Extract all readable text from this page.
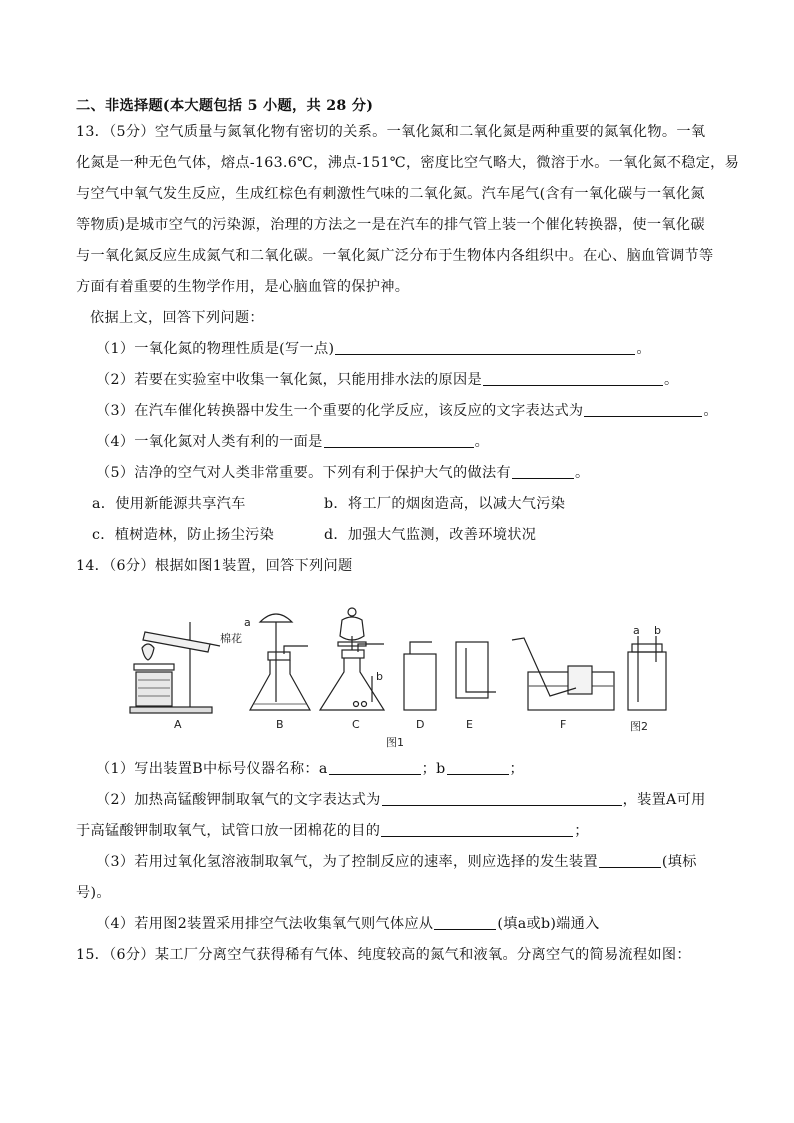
二、非选择题(本大题包括 5 小题，共 28 分)
13．（5分）空气质量与氮氧化物有密切的关系。一氧化氮和二氧化氮是两种重要的氮氧化物。一氧
化氮是一种无色气体，熔点-163.6℃，沸点-151℃，密度比空气略大，微溶于水。一氧化氮不稳定，易
与空气中氧气发生反应，生成红棕色有刺激性气味的二氧化氮。汽车尾气(含有一氧化碳与一氧化氮
等物质)是城市空气的污染源，治理的方法之一是在汽车的排气管上装一个催化转换器，使一氧化碳
与一氧化氮反应生成氮气和二氧化碳。一氧化氮广泛分布于生物体内各组织中。在心、脑血管调节等
方面有着重要的生物学作用，是心脑血管的保护神。
依据上文，回答下列问题：
（1）一氧化氮的物理性质是(写一点)	。
（2）若要在实验室中收集一氧化氮，只能用排水法的原因是	。
（3）在汽车催化转换器中发生一个重要的化学反应，该反应的文字表达式为	。
（4）一氧化氮对人类有利的一面是	。
（5）洁净的空气对人类非常重要。下列有利于保护大气的做法有	。
a．使用新能源共享汽车	b．将工厂的烟囱造高，以减大气污染
c．植树造林，防止扬尘污染	d．加强大气监测，改善环境状况
14．（6分）根据如图1装置，回答下列问题
棉花
a
b
a b
A	B	C	D	E	F	图2
图1
（1）写出装置B中标号仪器名称：a	；b	；
（2）加热高锰酸钾制取氧气的文字表达式为	，装置A可用
于高锰酸钾制取氧气，试管口放一团棉花的目的	；
（3）若用过氧化氢溶液制取氧气，为了控制反应的速率，则应选择的发生装置	(填标
号)。
（4）若用图2装置采用排空气法收集氧气则气体应从	(填a或b)端通入
15．（6分）某工厂分离空气获得稀有气体、纯度较高的氮气和液氧。分离空气的简易流程如图：
